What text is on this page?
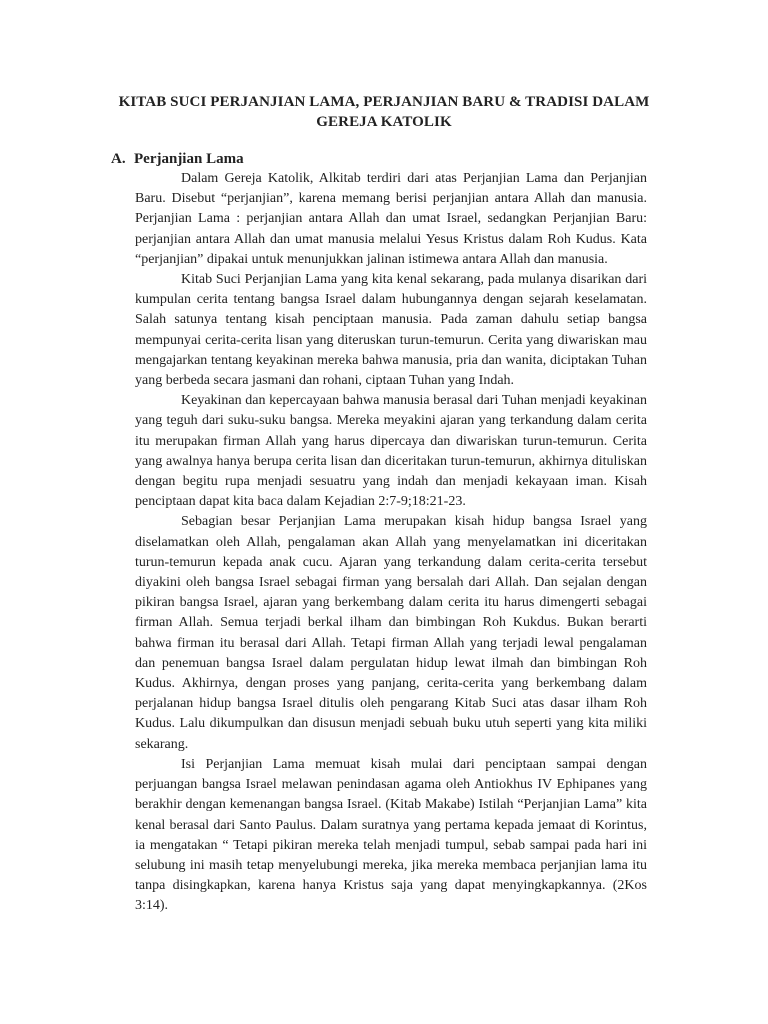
KITAB SUCI PERJANJIAN LAMA, PERJANJIAN BARU & TRADISI DALAM
GEREJA KATOLIK
A. Perjanjian Lama

Dalam Gereja Katolik, Alkitab terdiri dari atas Perjanjian Lama dan Perjanjian Baru. Disebut “perjanjian”, karena memang berisi perjanjian antara Allah dan manusia. Perjanjian Lama : perjanjian antara Allah dan umat Israel, sedangkan Perjanjian Baru: perjanjian antara Allah dan umat manusia melalui Yesus Kristus dalam Roh Kudus. Kata “perjanjian” dipakai untuk menunjukkan jalinan istimewa antara Allah dan manusia.

Kitab Suci Perjanjian Lama yang kita kenal sekarang, pada mulanya disarikan dari kumpulan cerita tentang bangsa Israel dalam hubungannya dengan sejarah keselamatan. Salah satunya tentang kisah penciptaan manusia. Pada zaman dahulu setiap bangsa mempunyai cerita-cerita lisan yang diteruskan turun-temurun. Cerita yang diwariskan mau mengajarkan tentang keyakinan mereka bahwa manusia, pria dan wanita, diciptakan Tuhan yang berbeda secara jasmani dan rohani, ciptaan Tuhan yang Indah.

Keyakinan dan kepercayaan bahwa manusia berasal dari Tuhan menjadi keyakinan yang teguh dari suku-suku bangsa. Mereka meyakini ajaran yang terkandung dalam cerita itu merupakan firman Allah yang harus dipercaya dan diwariskan turun-temurun. Cerita yang awalnya hanya berupa cerita lisan dan diceritakan turun-temurun, akhirnya dituliskan dengan begitu rupa menjadi sesuatru yang indah dan menjadi kekayaan iman. Kisah penciptaan dapat kita baca dalam Kejadian 2:7-9;18:21-23.

Sebagian besar Perjanjian Lama merupakan kisah hidup bangsa Israel yang diselamatkan oleh Allah, pengalaman akan Allah yang menyelamatkan ini diceritakan turun-temurun kepada anak cucu. Ajaran yang terkandung dalam cerita-cerita tersebut diyakini oleh bangsa Israel sebagai firman yang bersalah dari Allah. Dan sejalan dengan pikiran bangsa Israel, ajaran yang berkembang dalam cerita itu harus dimengerti sebagai firman Allah. Semua terjadi berkal ilham dan bimbingan Roh Kukdus. Bukan berarti bahwa firman itu berasal dari Allah. Tetapi firman Allah yang terjadi lewal pengalaman dan penemuan bangsa Israel dalam pergulatan hidup lewat ilmah dan bimbingan Roh Kudus. Akhirnya, dengan proses yang panjang, cerita-cerita yang berkembang dalam perjalanan hidup bangsa Israel ditulis oleh pengarang Kitab Suci atas dasar ilham Roh Kudus. Lalu dikumpulkan dan disusun menjadi sebuah buku utuh seperti yang kita miliki sekarang.

Isi Perjanjian Lama memuat kisah mulai dari penciptaan sampai dengan perjuangan bangsa Israel melawan penindasan agama oleh Antiokhus IV Ephipanes yang berakhir dengan kemenangan bangsa Israel. (Kitab Makabe) Istilah “Perjanjian Lama” kita kenal berasal dari Santo Paulus. Dalam suratnya yang pertama kepada jemaat di Korintus, ia mengatakan “ Tetapi pikiran mereka telah menjadi tumpul, sebab sampai pada hari ini selubung ini masih tetap menyelubungi mereka, jika mereka membaca perjanjian lama itu tanpa disingkapkan, karena hanya Kristus saja yang dapat menyingkapkannya. (2Kos 3:14).
